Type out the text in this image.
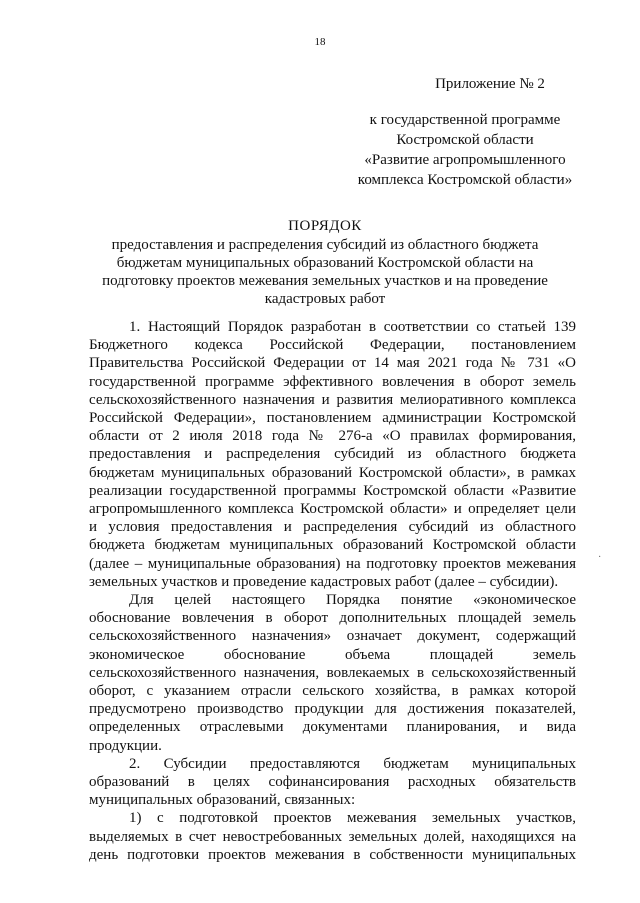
18
Приложение № 2
к государственной программе
Костромской области
«Развитие агропромышленного
комплекса Костромской области»
ПОРЯДОК
предоставления и распределения субсидий из областного бюджета
бюджетам муниципальных образований Костромской области на
подготовку проектов межевания земельных участков и на проведение
кадастровых работ
1. Настоящий Порядок разработан в соответствии со статьей 139
Бюджетного кодекса Российской Федерации, постановлением
Правительства Российской Федерации от 14 мая 2021 года № 731 «О
государственной программе эффективного вовлечения в оборот земель
сельскохозяйственного назначения и развития мелиоративного комплекса
Российской Федерации», постановлением администрации Костромской
области от 2 июля 2018 года № 276-а «О правилах формирования,
предоставления и распределения субсидий из областного бюджета
бюджетам муниципальных образований Костромской области», в рамках
реализации государственной программы Костромской области «Развитие
агропромышленного комплекса Костромской области» и определяет цели
и условия предоставления и распределения субсидий из областного
бюджета бюджетам муниципальных образований Костромской области
(далее – муниципальные образования) на подготовку проектов межевания
земельных участков и проведение кадастровых работ (далее – субсидии).
Для целей настоящего Порядка понятие «экономическое
обоснование вовлечения в оборот дополнительных площадей земель
сельскохозяйственного назначения» означает документ, содержащий
экономическое обоснование объема площадей земель
сельскохозяйственного назначения, вовлекаемых в сельскохозяйственный
оборот, с указанием отрасли сельского хозяйства, в рамках которой
предусмотрено производство продукции для достижения показателей,
определенных отраслевыми документами планирования, и вида
продукции.
2. Субсидии предоставляются бюджетам муниципальных
образований в целях софинансирования расходных обязательств
муниципальных образований, связанных:
1) с подготовкой проектов межевания земельных участков,
выделяемых в счет невостребованных земельных долей, находящихся на
день подготовки проектов межевания в собственности муниципальных
·
